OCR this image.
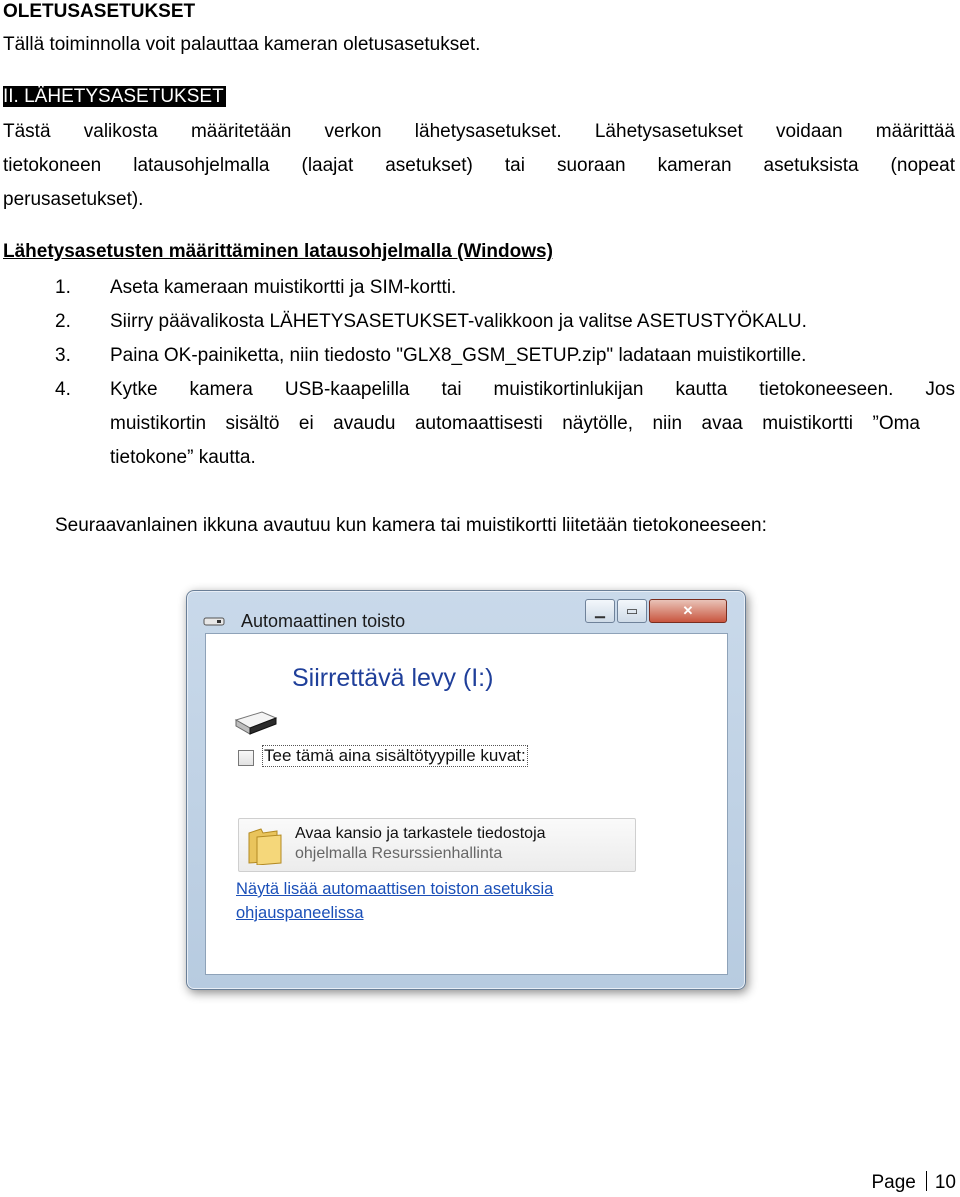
OLETUSASETUKSET
Tällä toiminnolla voit palauttaa kameran oletusasetukset.
II. LÄHETYSASETUKSET
Tästä valikosta määritetään verkon lähetysasetukset. Lähetysasetukset voidaan määrittää
tietokoneen latausohjelmalla (laajat asetukset) tai suoraan kameran asetuksista (nopeat
perusasetukset).
Lähetysasetusten määrittäminen latausohjelmalla (Windows)
1. Aseta kameraan muistikortti ja SIM-kortti.
2. Siirry päävalikosta LÄHETYSASETUKSET-valikkoon ja valitse ASETUSTYÖKALU.
3. Paina OK-painiketta, niin tiedosto "GLX8_GSM_SETUP.zip" ladataan muistikortille.
4. Kytke kamera USB-kaapelilla tai muistikortinlukijan kautta tietokoneeseen. Jos
muistikortin sisältö ei avaudu automaattisesti näytölle, niin avaa muistikortti ”Oma
tietokone” kautta.
Seuraavanlainen ikkuna avautuu kun kamera tai muistikortti liitetään tietokoneeseen:
Automaattinen toisto
▁	▭	✕
Siirrettävä levy (I:)
Tee tämä aina sisältötyypille kuvat:
Avaa kansio ja tarkastele tiedostoja
ohjelmalla Resurssienhallinta
Näytä lisää automaattisen toiston asetuksia
ohjauspaneelissa
Page 10
